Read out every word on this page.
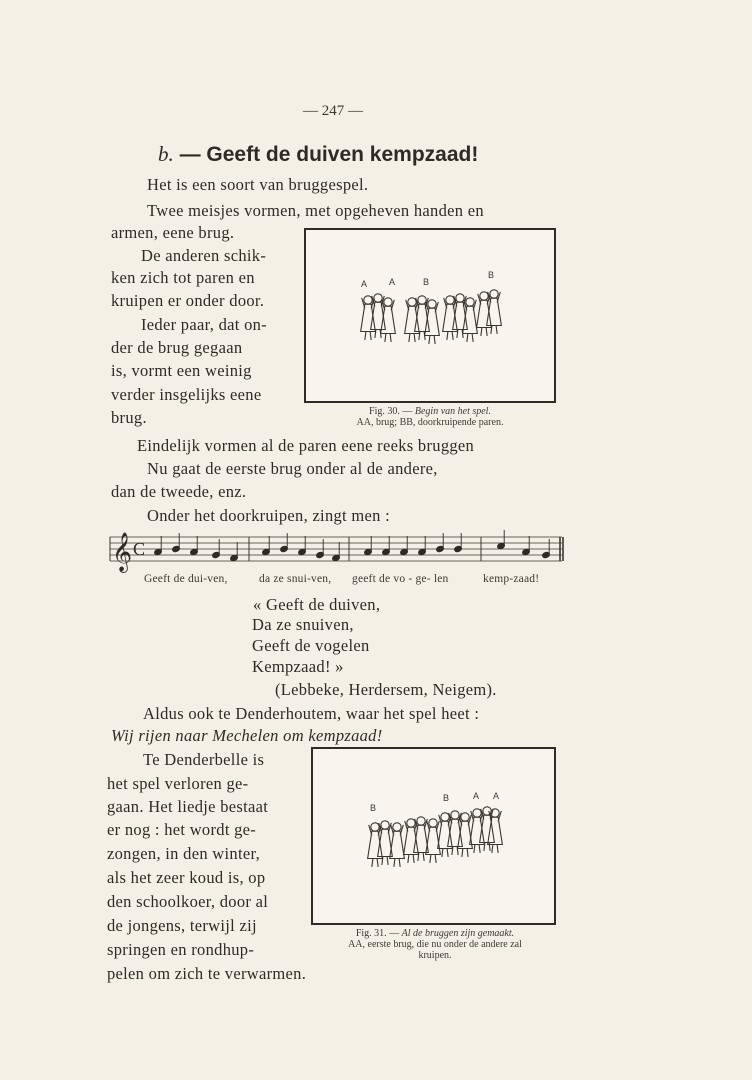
— 247 —
b. — Geeft de duiven kempzaad!
Het is een soort van bruggespel.
Twee meisjes vormen, met opgeheven handen en
armen, eene brug.
De anderen schik-
ken zich tot paren en
kruipen er onder door.
Ieder paar, dat on-
der de brug gegaan
is, vormt een weinig
verder insgelijks eene
brug.
A A	B
B
Fig. 30. — Begin van het spel.
AA, brug; BB, doorkruipende paren.
Eindelijk vormen al de paren eene reeks bruggen
Nu gaat de eerste brug onder al de andere,
dan de tweede, enz.
Onder het doorkruipen, zingt men :
𝄞 C
Geeft de dui-ven,	da ze snui-ven, geeft de vo - ge- len	kemp-zaad!
« Geeft de duiven,
Da ze snuiven,
Geeft de vogelen
Kempzaad! »
(Lebbeke, Herdersem, Neigem).
Aldus ook te Denderhoutem, waar het spel heet :
Wij rijen naar Mechelen om kempzaad!
Te Denderbelle is
het spel verloren ge-
gaan. Het liedje bestaat
er nog : het wordt ge-
zongen, in den winter,
als het zeer koud is, op
den schoolkoer, door al
de jongens, terwijl zij
springen en rondhup-
pelen om zich te verwarmen.
B
B	A A
Fig. 31. — Al de bruggen zijn gemaakt.
AA, eerste brug, die nu onder de andere zal
kruipen.
